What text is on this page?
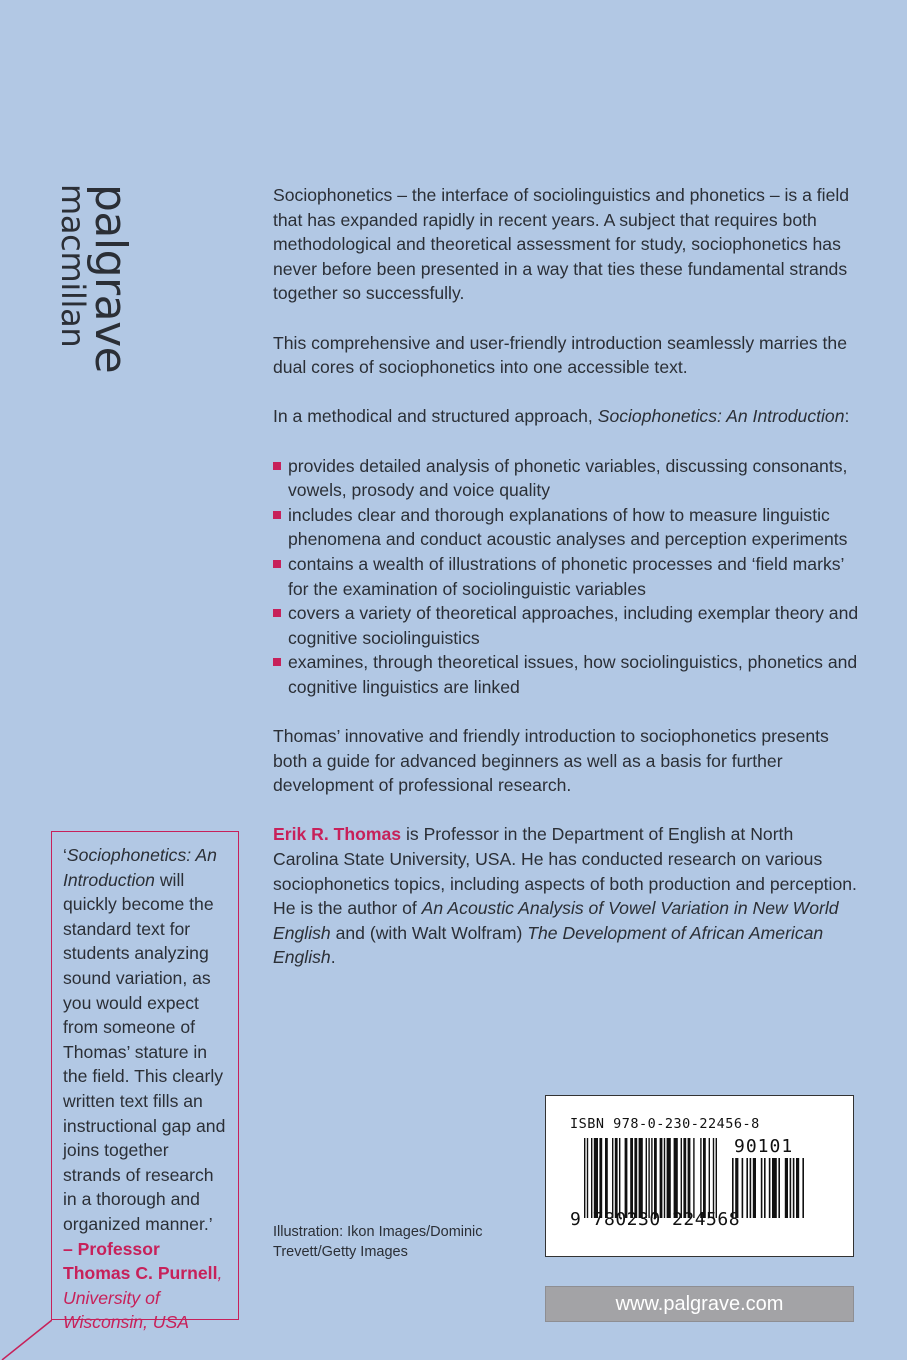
palgrave
macmillan	Sociophonetics – the interface of sociolinguistics and phonetics – is a field that has expanded rapidly in recent years. A subject that requires both methodological and theoretical assessment for study, sociophonetics has never before been presented in a way that ties these fundamental strands together so successfully.

This comprehensive and user-friendly introduction seamlessly marries the dual cores of sociophonetics into one accessible text.

In a methodical and structured approach, Sociophonetics: An Introduction:

provides detailed analysis of phonetic variables, discussing consonants, vowels, prosody and voice quality
includes clear and thorough explanations of how to measure linguistic phenomena and conduct acoustic analyses and perception experiments
contains a wealth of illustrations of phonetic processes and ‘field marks’ for the examination of sociolinguistic variables
covers a variety of theoretical approaches, including exemplar theory and cognitive sociolinguistics
examines, through theoretical issues, how sociolinguistics, phonetics and cognitive linguistics are linked

Thomas’ innovative and friendly introduction to sociophonetics presents both a guide for advanced beginners as well as a basis for further development of professional research.

Erik R. Thomas is Professor in the Department of English at North Carolina State University, USA. He has conducted research on various sociophonetics topics, including aspects of both production and perception. He is the author of An Acoustic Analysis of Vowel Variation in New World English and (with Walt Wolfram) The Development of African American English.

‘Sociophonetics: An Introduction will quickly become the standard text for students analyzing sound variation, as you would expect from someone of Thomas’ stature in the field. This clearly written text fills an instructional gap and joins together strands of research in a thorough and organized manner.’
– Professor Thomas C. Purnell, University of Wisconsin, USA
Illustration: Ikon Images/Dominic Trevett/Getty Images
ISBN 978-0-230-22456-8
90101
9 780230 224568
www.palgrave.com
